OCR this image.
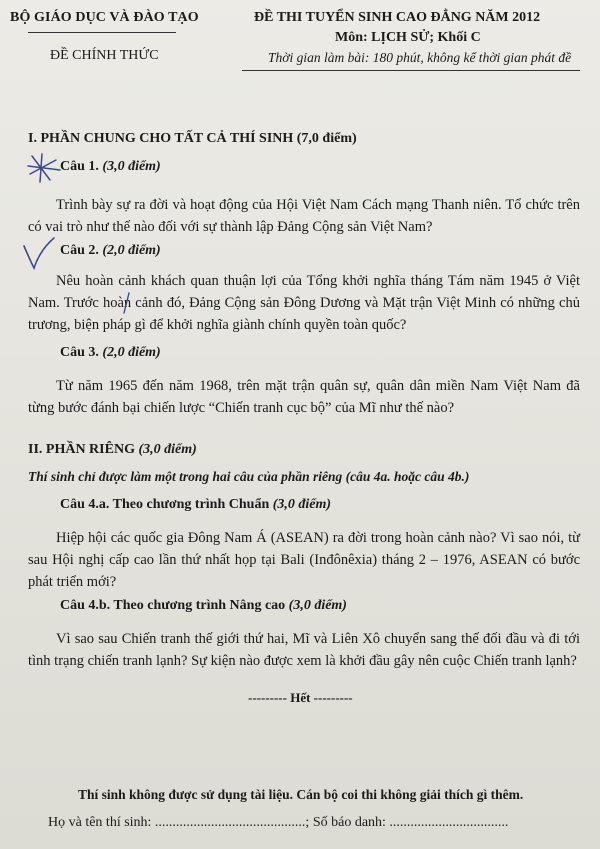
BỘ GIÁO DỤC VÀ ĐÀO TẠO
ĐỀ CHÍNH THỨC
ĐỀ THI TUYỂN SINH CAO ĐẲNG NĂM 2012
Môn: LỊCH SỬ; Khối C
Thời gian làm bài: 180 phút, không kể thời gian phát đề
I. PHẦN CHUNG CHO TẤT CẢ THÍ SINH (7,0 điểm)
Câu 1. (3,0 điểm)
Trình bày sự ra đời và hoạt động của Hội Việt Nam Cách mạng Thanh niên. Tổ chức trên có vai trò như thế nào đối với sự thành lập Đảng Cộng sản Việt Nam?
Câu 2. (2,0 điểm)
Nêu hoàn cảnh khách quan thuận lợi của Tổng khởi nghĩa tháng Tám năm 1945 ở Việt Nam. Trước hoàn cảnh đó, Đảng Cộng sản Đông Dương và Mặt trận Việt Minh có những chủ trương, biện pháp gì để khởi nghĩa giành chính quyền toàn quốc?
Câu 3. (2,0 điểm)
Từ năm 1965 đến năm 1968, trên mặt trận quân sự, quân dân miền Nam Việt Nam đã từng bước đánh bại chiến lược “Chiến tranh cục bộ” của Mĩ như thế nào?
II. PHẦN RIÊNG (3,0 điểm)
Thí sinh chỉ được làm một trong hai câu của phần riêng (câu 4a. hoặc câu 4b.)
Câu 4.a. Theo chương trình Chuẩn (3,0 điểm)
Hiệp hội các quốc gia Đông Nam Á (ASEAN) ra đời trong hoàn cảnh nào? Vì sao nói, từ sau Hội nghị cấp cao lần thứ nhất họp tại Bali (Inđônêxia) tháng 2 – 1976, ASEAN có bước phát triển mới?
Câu 4.b. Theo chương trình Nâng cao (3,0 điểm)
Vì sao sau Chiến tranh thế giới thứ hai, Mĩ và Liên Xô chuyển sang thế đối đầu và đi tới tình trạng chiến tranh lạnh? Sự kiện nào được xem là khởi đầu gây nên cuộc Chiến tranh lạnh?
--------- Hết ---------
Thí sinh không được sử dụng tài liệu. Cán bộ coi thi không giải thích gì thêm.
Họ và tên thí sinh: ...........................................; Số báo danh: ..................................
